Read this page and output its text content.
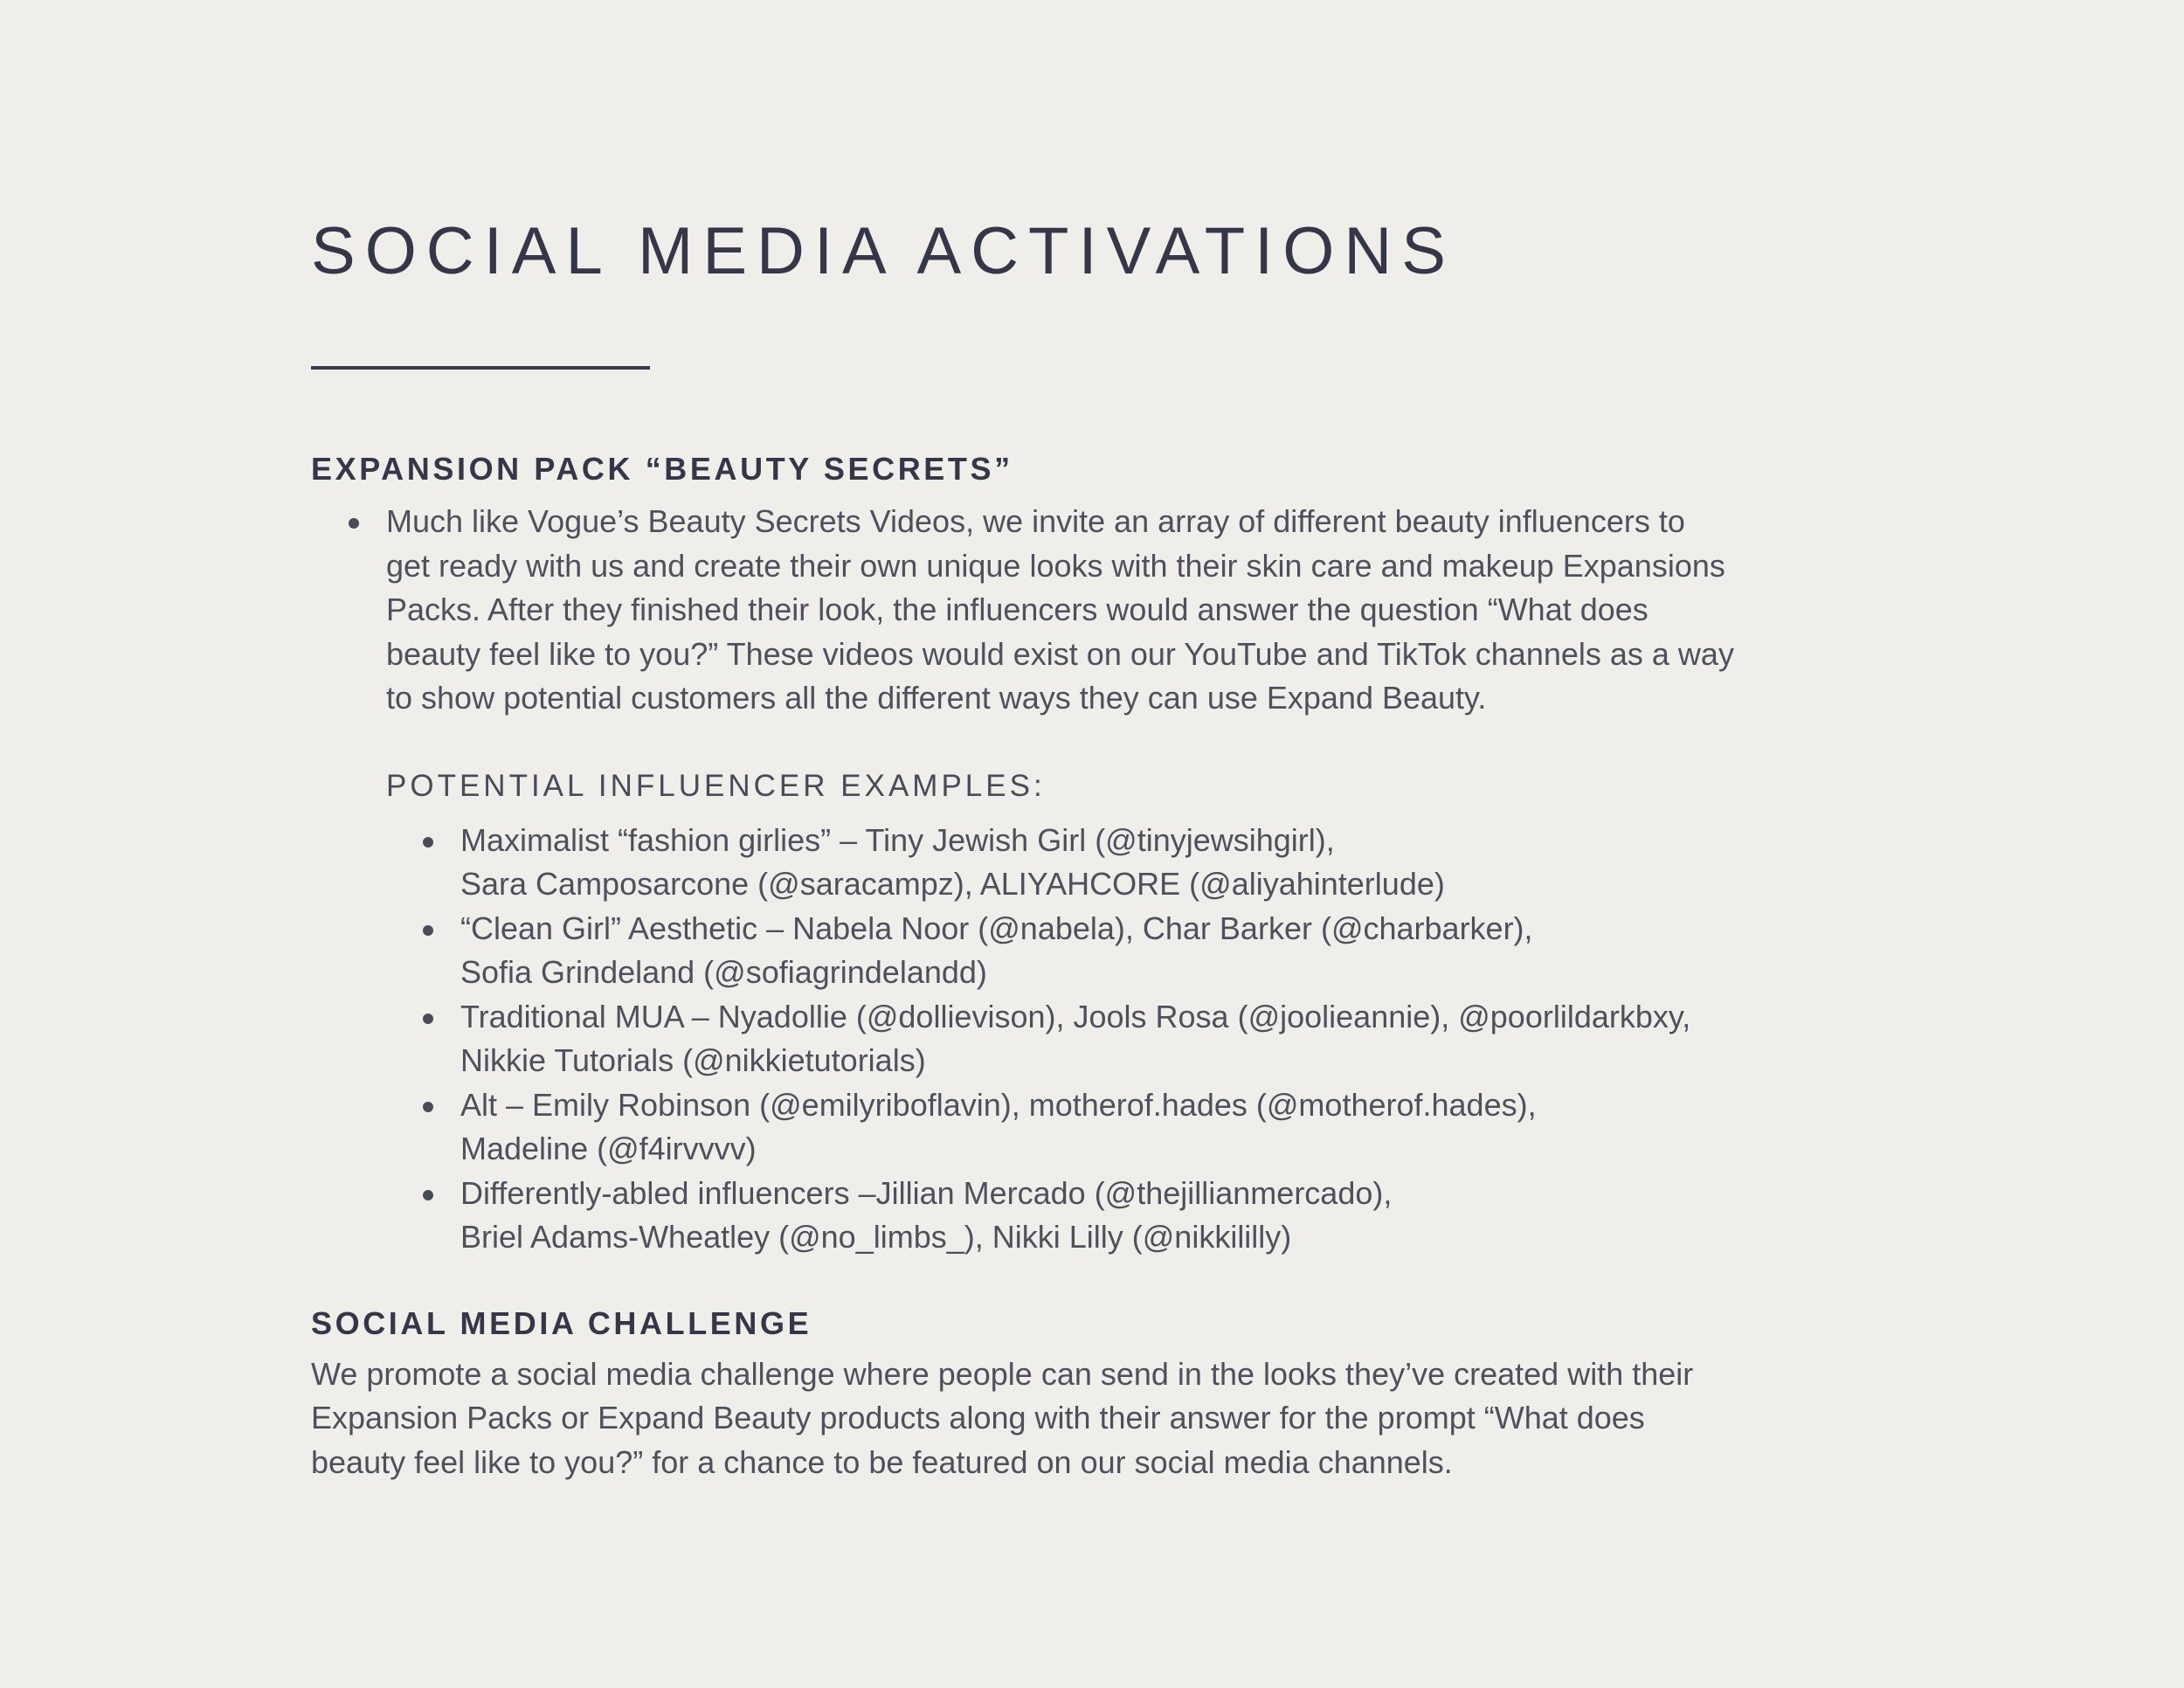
SOCIAL MEDIA ACTIVATIONS
EXPANSION PACK “BEAUTY SECRETS”
Much like Vogue’s Beauty Secrets Videos, we invite an array of different beauty influencers to
get ready with us and create their own unique looks with their skin care and makeup Expansions
Packs. After they finished their look, the influencers would answer the question “What does
beauty feel like to you?” These videos would exist on our YouTube and TikTok channels as a way
to show potential customers all the different ways they can use Expand Beauty.
POTENTIAL INFLUENCER EXAMPLES:
Maximalist “fashion girlies” – Tiny Jewish Girl (@tinyjewsihgirl),
Sara Camposarcone (@saracampz), ALIYAHCORE (@aliyahinterlude)
“Clean Girl” Aesthetic – Nabela Noor (@nabela), Char Barker (@charbarker),
Sofia Grindeland (@sofiagrindelandd)
Traditional MUA – Nyadollie (@dollievison), Jools Rosa (@joolieannie), @poorlildarkbxy,
Nikkie Tutorials (@nikkietutorials)
Alt – Emily Robinson (@emilyriboflavin), motherof.hades (@motherof.hades),
Madeline (@f4irvvvv)
Differently-abled influencers –Jillian Mercado (@thejillianmercado),
Briel Adams-Wheatley (@no_limbs_), Nikki Lilly (@nikkililly)
SOCIAL MEDIA CHALLENGE
We promote a social media challenge where people can send in the looks they’ve created with their
Expansion Packs or Expand Beauty products along with their answer for the prompt “What does
beauty feel like to you?” for a chance to be featured on our social media channels.
